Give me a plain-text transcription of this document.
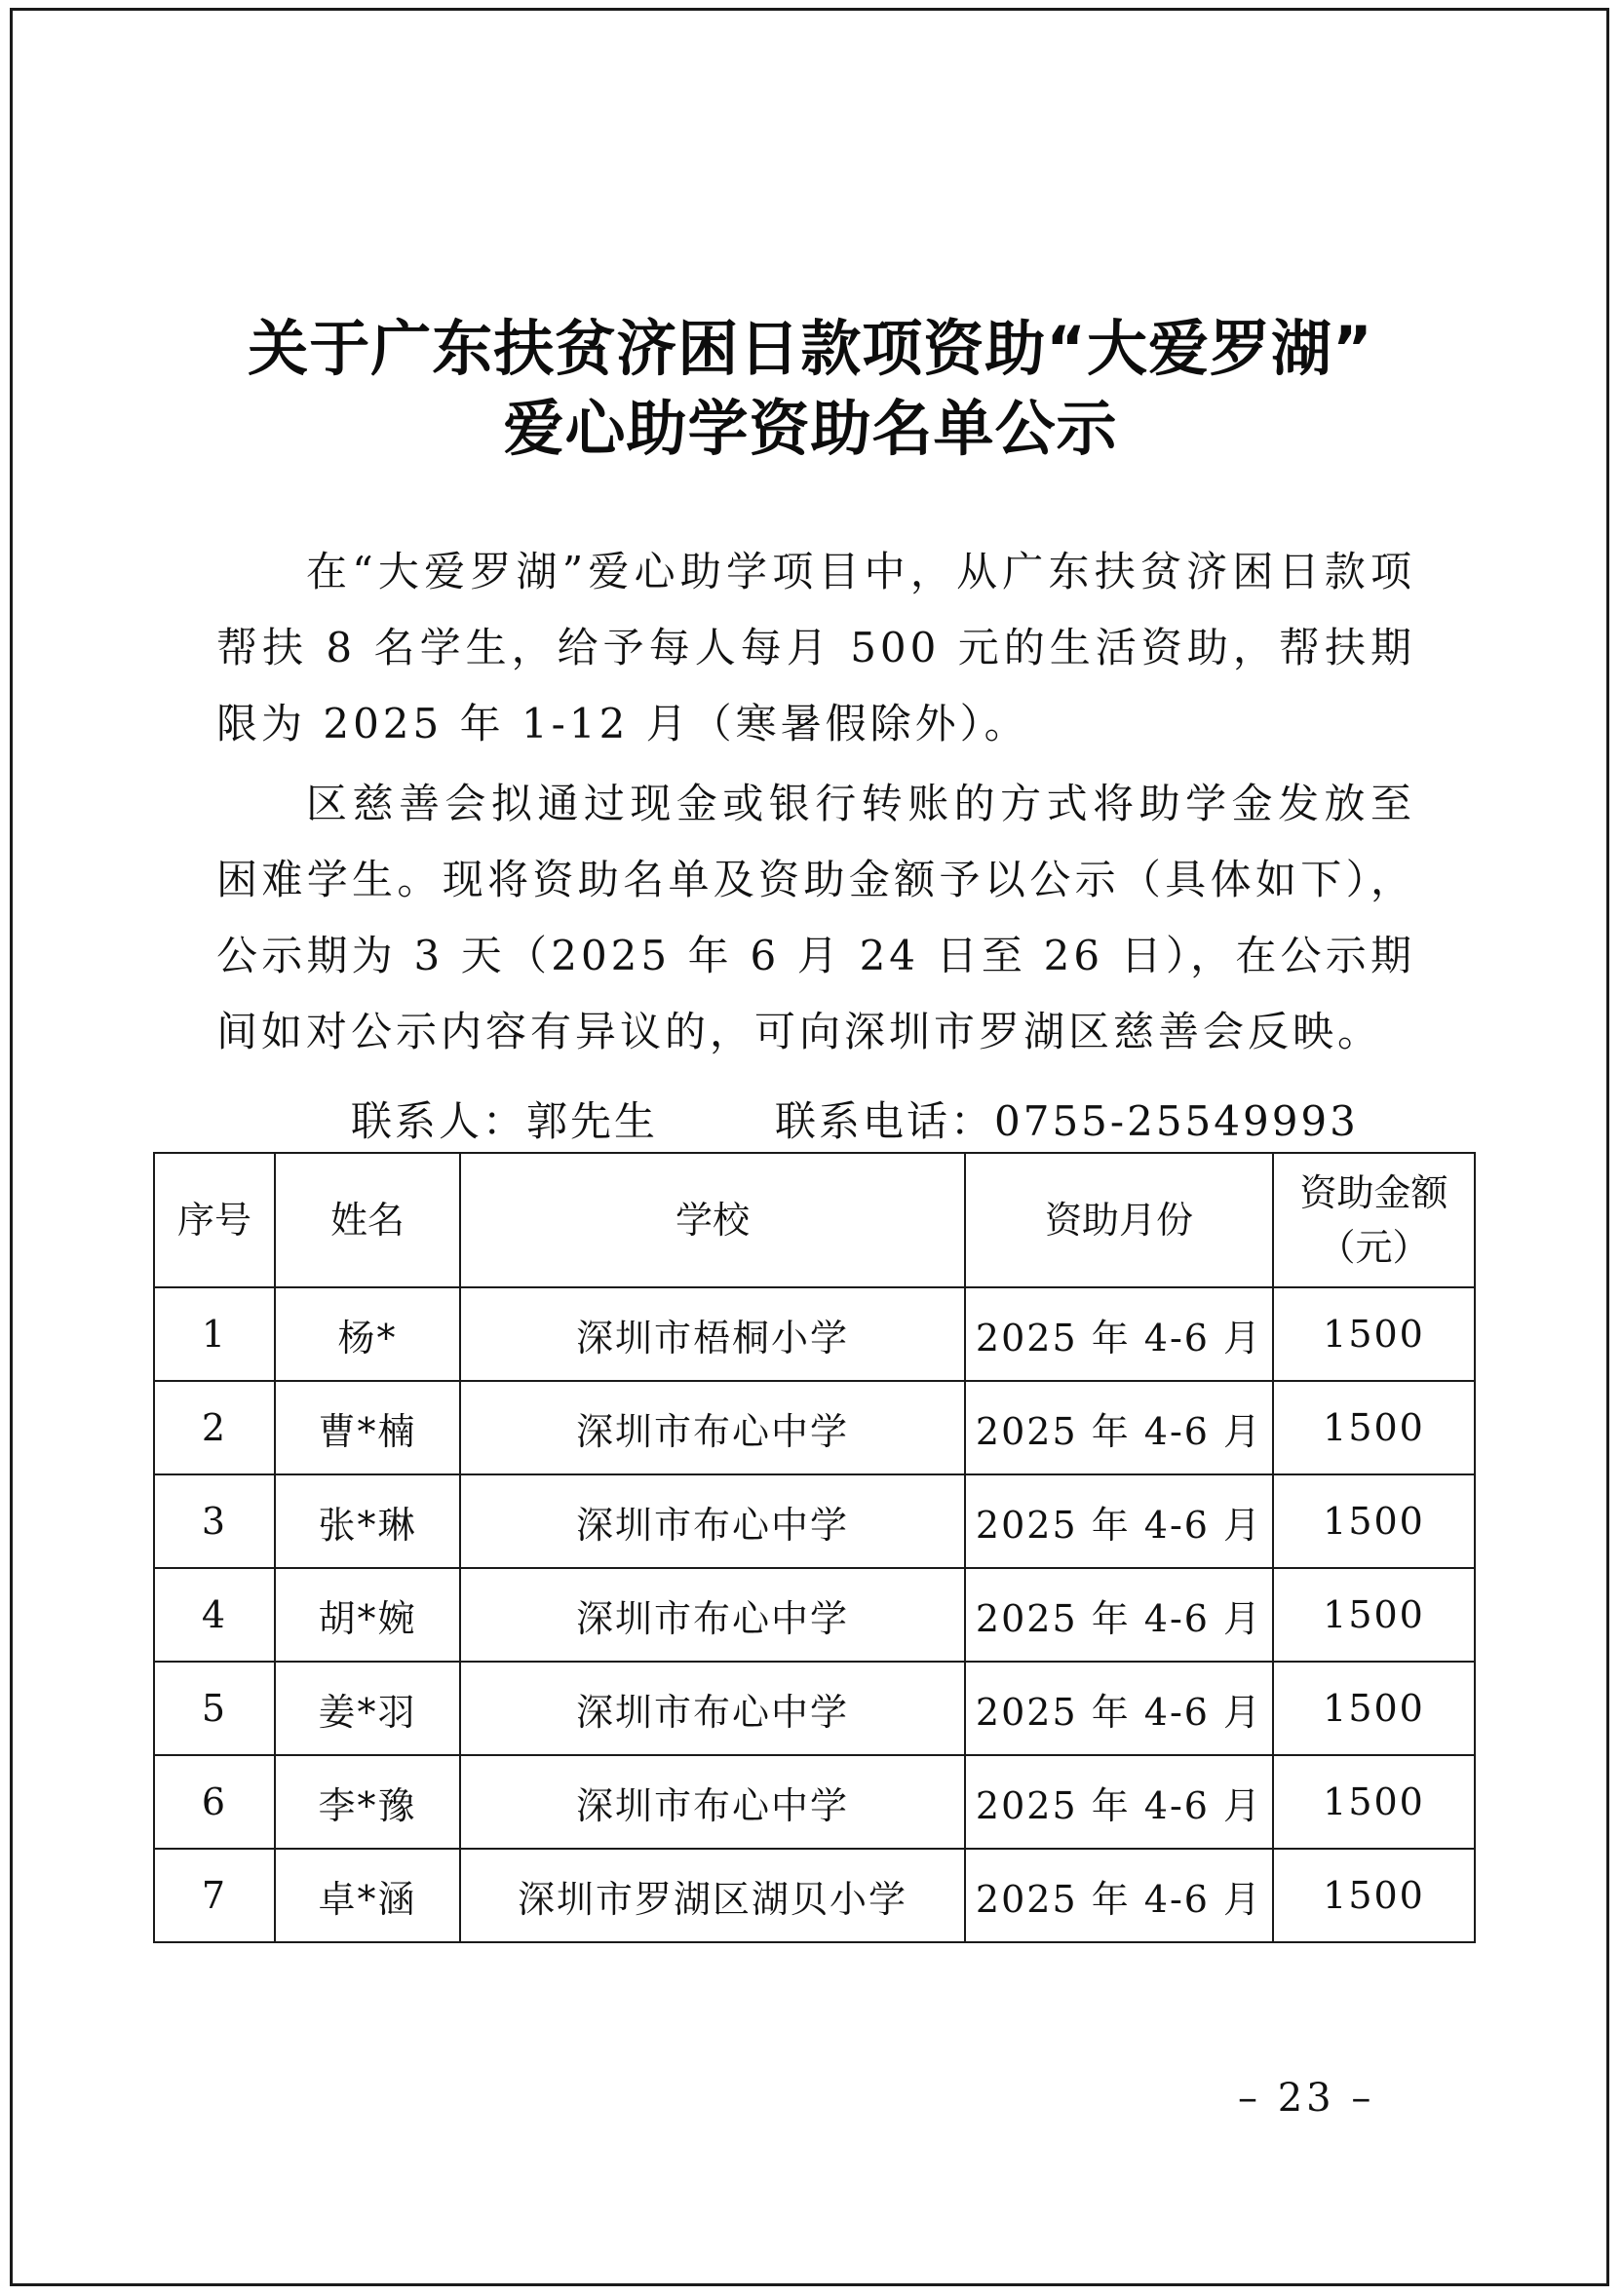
关于广东扶贫济困日款项资助“大爱罗湖”
爱心助学资助名单公示

在“大爱罗湖”爱心助学项目中，从广东扶贫济困日款项帮扶 8 名学生，给予每人每月 500 元的生活资助，帮扶期限为 2025 年 1-12 月（寒暑假除外）。

区慈善会拟通过现金或银行转账的方式将助学金发放至困难学生。现将资助名单及资助金额予以公示（具体如下），公示期为 3 天（2025 年 6 月 24 日至 26 日），在公示期间如对公示内容有异议的，可向深圳市罗湖区慈善会反映。

联系人：郭先生	联系电话：0755-25549993
序号	姓名	学校	资助月份	资助金额
（元）
1	杨*	深圳市梧桐小学	2025 年 4-6 月	1500
2	曹*楠	深圳市布心中学	2025 年 4-6 月	1500
3	张*琳	深圳市布心中学	2025 年 4-6 月	1500
4	胡*婉	深圳市布心中学	2025 年 4-6 月	1500
5	姜*羽	深圳市布心中学	2025 年 4-6 月	1500
6	李*豫	深圳市布心中学	2025 年 4-6 月	1500
7	卓*涵	深圳市罗湖区湖贝小学	2025 年 4-6 月	1500
– 23 –
